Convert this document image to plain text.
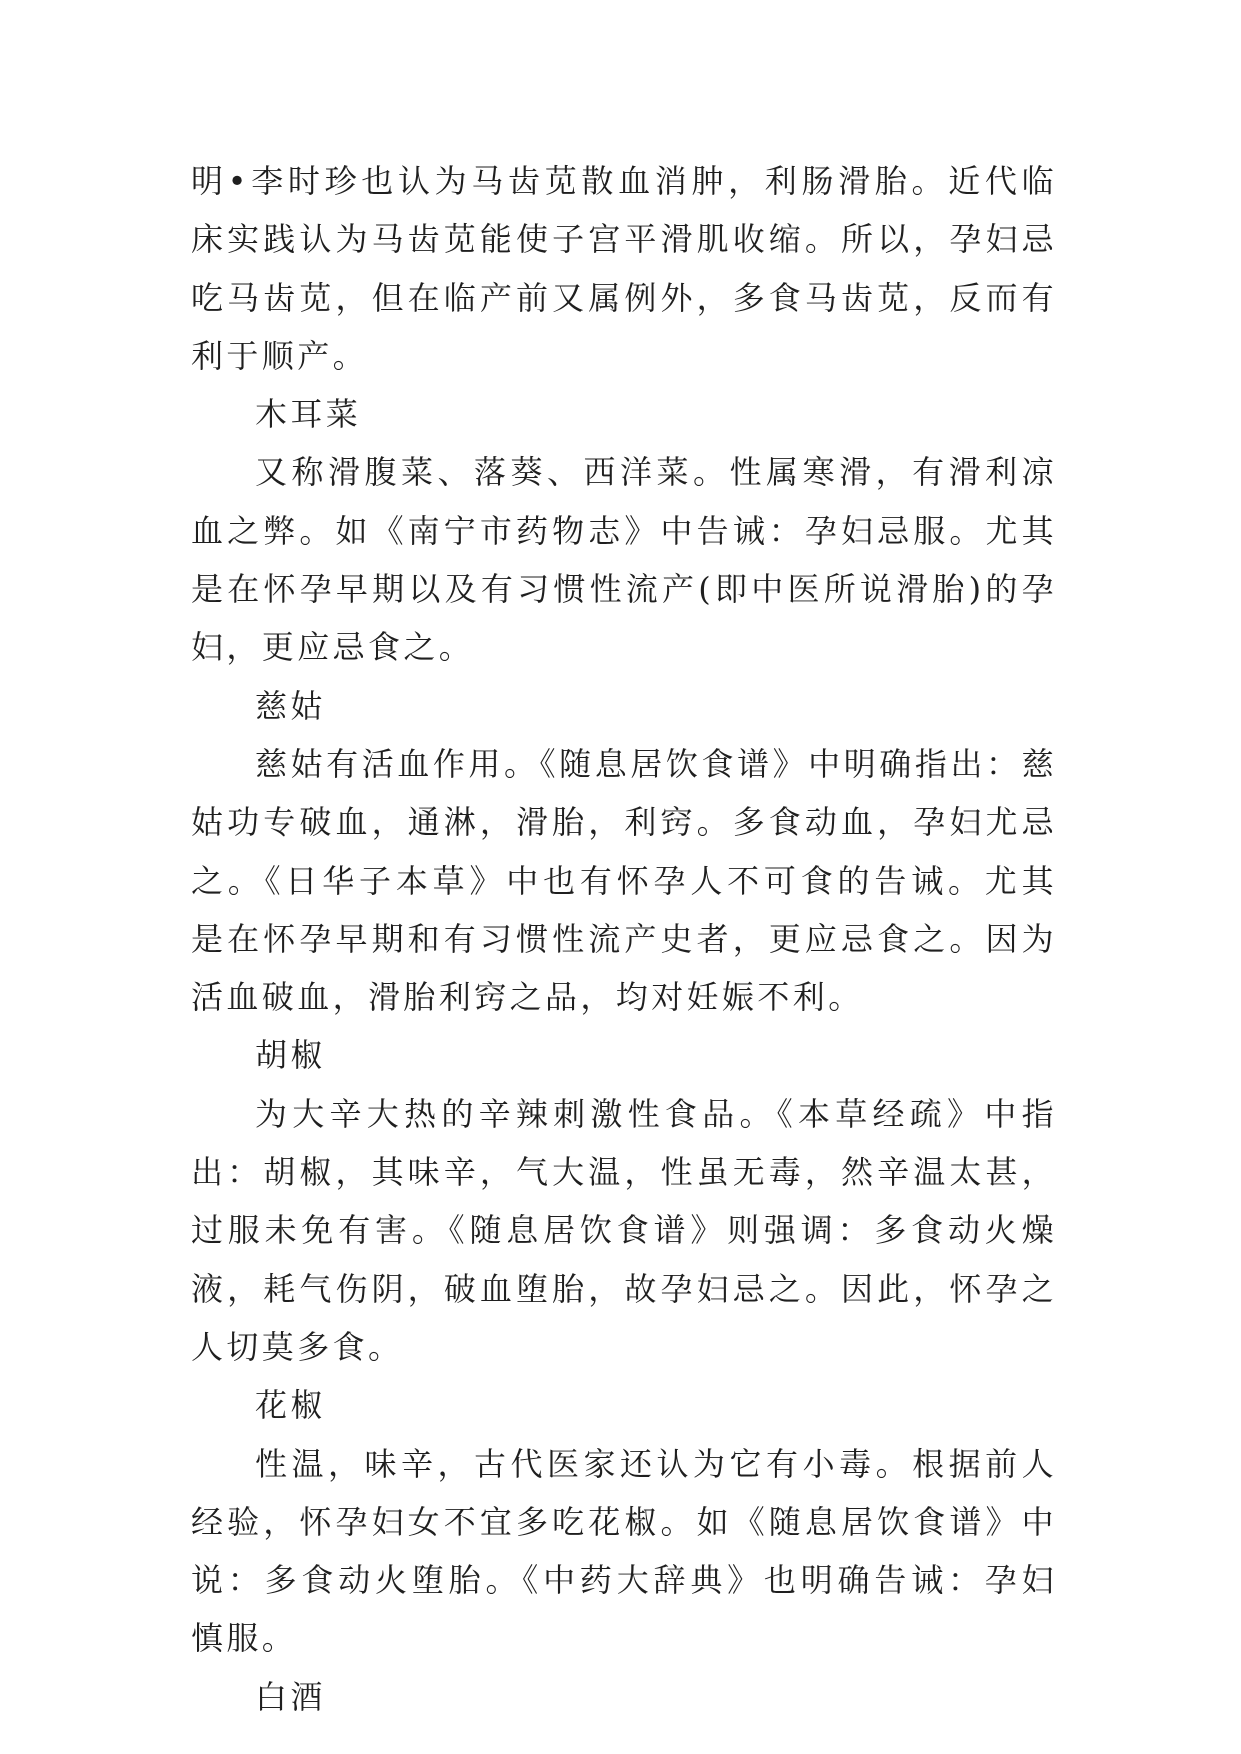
明•李时珍也认为马齿苋散血消肿，利肠滑胎。近代临床实践认为马齿苋能使子宫平滑肌收缩。所以，孕妇忌吃马齿苋，但在临产前又属例外，多食马齿苋，反而有利于顺产。

木耳菜

又称滑腹菜、落葵、西洋菜。性属寒滑，有滑利凉血之弊。如《南宁市药物志》中告诫：孕妇忌服。尤其是在怀孕早期以及有习惯性流产(即中医所说滑胎)的孕妇，更应忌食之。

慈姑

慈姑有活血作用。《随息居饮食谱》中明确指出：慈姑功专破血，通淋，滑胎，利窍。多食动血，孕妇尤忌之。《日华子本草》中也有怀孕人不可食的告诫。尤其是在怀孕早期和有习惯性流产史者，更应忌食之。因为活血破血，滑胎利窍之品，均对妊娠不利。

胡椒

为大辛大热的辛辣刺激性食品。《本草经疏》中指出：胡椒，其味辛，气大温，性虽无毒，然辛温太甚，过服未免有害。《随息居饮食谱》则强调：多食动火燥液，耗气伤阴，破血堕胎，故孕妇忌之。因此，怀孕之人切莫多食。

花椒

性温，味辛，古代医家还认为它有小毒。根据前人经验，怀孕妇女不宜多吃花椒。如《随息居饮食谱》中说：多食动火堕胎。《中药大辞典》也明确告诫：孕妇慎服。

白酒
